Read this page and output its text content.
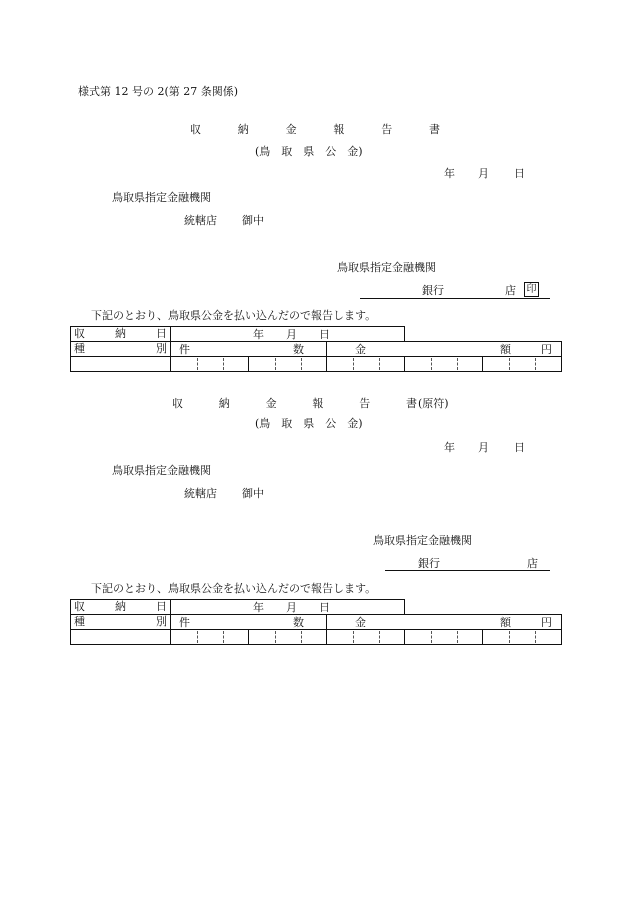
様式第 12 号の 2(第 27 条関係)
収	納	金	報	告	書
(鳥　取　県　公　金)
年 月 日
鳥取県指定金融機関
統轄店 御中
鳥取県指定金融機関
銀行	店 印
下記のとおり、鳥取県公金を払い込んだので報告します。
収 納 日	年 月 日				

種 別	件 数		金 額 円		

収	納	金	報	告	書 (原符)
(鳥　取　県　公　金)
年 月 日
鳥取県指定金融機関
統轄店 御中
鳥取県指定金融機関
銀行	店
下記のとおり、鳥取県公金を払い込んだので報告します。
収 納 日	年 月 日				

種 別	件 数		金 額 円		
